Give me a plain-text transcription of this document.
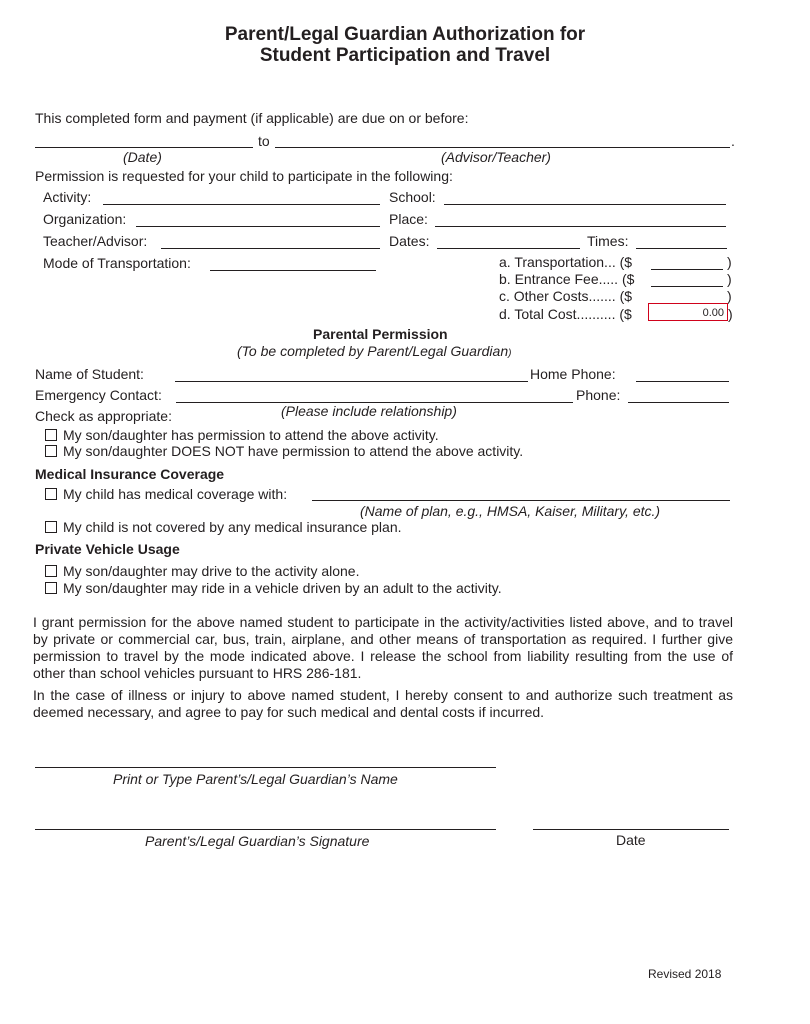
Parent/Legal Guardian Authorization for
Student Participation and Travel
This completed form and payment (if applicable) are due on or before:
to	.
(Date)	(Advisor/Teacher)
Permission is requested for your child to participate in the following:
Activity:	School:
Organization:	Place:
Teacher/Advisor:	Dates:	Times:
Mode of Transportation:	a. Transportation... ($	)
b. Entrance Fee..... ($	)
c. Other Costs....... ($	)
d. Total Cost.......... ($	0.00 )
Parental Permission
(To be completed by Parent/Legal Guardian)
Name of Student:	Home Phone:
Emergency Contact:	Phone:
Check as appropriate:	(Please include relationship)
My son/daughter has permission to attend the above activity.
My son/daughter DOES NOT have permission to attend the above activity.
Medical Insurance Coverage
My child has medical coverage with:
(Name of plan, e.g., HMSA, Kaiser, Military, etc.)
My child is not covered by any medical insurance plan.
Private Vehicle Usage
My son/daughter may drive to the activity alone.
My son/daughter may ride in a vehicle driven by an adult to the activity.
I grant permission for the above named student to participate in the activity/activities listed above, and to travel by private or commercial car, bus, train, airplane, and other means of transportation as required. I further give permission to travel by the mode indicated above. I release the school from liability resulting from the use of other than school vehicles pursuant to HRS 286-181.
In the case of illness or injury to above named student, I hereby consent to and authorize such treatment as deemed necessary, and agree to pay for such medical and dental costs if incurred.
Print or Type Parent’s/Legal Guardian’s Name
Parent’s/Legal Guardian’s Signature	Date
Revised 2018
